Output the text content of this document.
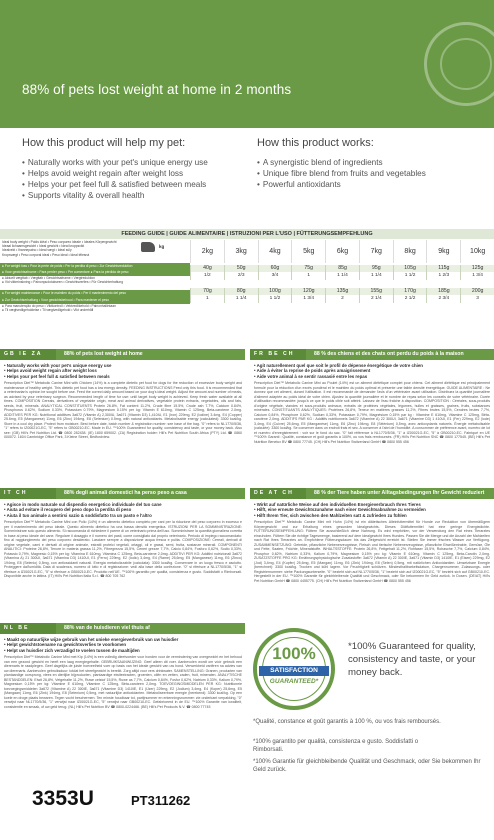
88% of pets lost weight at home in 2 months
How this product will help my pet:
• Naturally works with your pet's unique energy use
• Helps avoid weight regain after weight loss
• Helps your pet feel full & satisfied between meals
• Supports vitality & overall health
How this product works:
• A synergistic blend of ingredients
• Unique fibre blend from fruits and vegetables
• Powerful antioxidants
FEEDING GUIDE | GUIDE ALIMENTAIRE | ISTRUZIONI PER L'USO | FÜTTERUNGSEMPFEHLUNG
Ideal body weight • Poids idéal • Peso corporeo ideale • Ideales Körpergewicht
Ideaal lichaamsgewicht • Ideal gewicht • Ideal kroppsvikt
Idealvekt • Ihannepaino • Ideal vægt • Ideal súly
Kropsvægt • Peso corporal ideal • Peso ideal • Ideal tělesná
kg
● For weight loss • Pour la perte de poids • Per la perdita di peso • Zur Gewichtsreduktion
● Voor gewichtsafname • Para perder peso • Per aumentare ● Para la pérdida de peso
● Aktuelt vægttab • Vægttab • Gewichtsafname • Vægtreduktion
● Vid viktminskning • Painonpudotukseen • Gewichtsverlies • Für Gewichterhaltung
● For weight maintenance • Pour le maintien du poids • Per il mantenimento del peso
● Zur Gewichtserhaltung • Voor gewichtsbehoud • Para mantener el peso
● Para manutenção do peso • Viktkontroll • Vektvedlikehold • Painonhallintaan
● Til vægtvedligeholdelse • Til vægtvedligehold • Vikt underhåll
2kg	3kg	4kg	5kg	6kg	7kg	8kg	9kg	10kg
40g	50g	60g	75g	85g	95g	105g	115g	125g
1/2	2/3	3/4	1	1 1/4	1 1/4	1 1/2	1 2/3	1 3/4
70g	80g	100g	120g	135g	155g	170g	185g	200g
1	1 1/4	1 1/2	1 3/4	2	2 1/4	2 1/2	2 3/4	3
GB IE ZA	88% of pets lost weight at home
• Naturally works with your pet's unique energy use
• Helps avoid weight regain after weight loss
• Helps your pet feel full & satisfied between meals
Prescription Diet™ Metabolic Canine Mini with Chicken (14%) is a complete dietetic pet food for dogs for the reduction of excessive body weight and maintenance of healthy weight. This dietetic pet food has a low energy density. FEEDING INSTRUCTIONS Feed only this food. It is recommended that a veterinarian's opinion be sought before use. Feed the correct daily amount based on your dog's ideal weight. Adjust the amount and number of meals, as advised by your veterinary surgeon. Recommended length of time for use: until target body weight is achieved. Keep fresh water available at all times. COMPOSITION Cereals, derivatives of vegetable origin, meat and animal derivatives, vegetable protein extracts, vegetables, oils and fats, seeds, fruit, minerals. ANALYTICAL CONSTITUENTS Protein 26.8%, Fat content 11.2%, Crude fibre 15.5%, Crude ash 7.7%, Calcium 0.84%, Phosphorus 0.62%, Sodium 0.33%, Potassium 0.79%, Magnesium 0.15% per kg: Vitamin E 610mg, Vitamin C 125mg, Beta-carotene 2.0mg. ADDITIVES PER KG: Nutritional additives 3a672 (Vitamin A) 2,300IU, 3a671 (Vitamin D3) 1,410IU, E1 (Iron) 229mg, E2 (Iodine) 3.4mg, E4 (Copper) 25.6mg, E5 (Manganese) 11mg, E6 (Zinc) 194mg, E8 (Selenium) 0.5mg, with natural antioxidants. Metabolisable energy (calculated): 3300 kcal/kg. Store in a cool dry place. Protect from moisture. Best before date, batch number & registration number: see base of the bag. "0" refers to NL1770/5/36, "1" refers to IZ00021G-EC, "5" refers to GB00210-EC. Made in EU. ™100% Guaranteed for quality, consistency and taste, or your money back. Also see: (GB) Hill's Pet Nutrition Ltd. ☎ 0800 282438. (IE) 1800 659002. (ZA) Registration holder: Hill's Pet Nutrition South Africa (PTY) Ltd. ☎ 0860 000072. 1604 Cambridge Office Park, 3 Kleine Street, Bedfordview.
FR BE CH	88 % des chiens et des chats ont perdu du poids à la maison
• Agit naturellement quel que soit le profil de dépense énergétique de votre chien
• Aide à éviter la reprise de poids après amaigrissement
• Aide votre animal à se sentir rassasié entre les repas
Prescription Diet™ Metabolic Canine Mini au Poulet (14%) est un aliment diététique complet pour chiens. Cet aliment diététique est principalement formulé pour la réduction d'un excès pondéral et le maintien du poids optimal et présente une faible densité énergétique. GUIDE ALIMENTAIRE : Ne donnez que cet aliment, durant l'utilisation. Il est recommandé de demander l'avis d'un vétérinaire avant utilisation. Distribuez la quantité journalière d'aliment adaptée au poids idéal de votre chien. Ajustez la quantité journalière et le nombre de repas selon les conseils de votre vétérinaire. Durée d'utilisation recommandée: jusqu'à ce que le poids cible soit atteint. Laissez de l'eau fraîche à disposition. COMPOSITION : Céréales, sous-produits d'origine végétale, viandes et sous-produits animaux, extraits de protéines végétales, légumes, huiles et graisses, graines, fruits, substances minérales. CONSTITUANTS ANALYTIQUES: Protéines 26,8%, Teneur en matières grasses 11,2%, Fibres brutes 15,5%, Cendres brutes 7,7%, Calcium 0,84%, Phosphore 0,62%, Sodium 0,33%, Potassium 0,79%, Magnésium 0,15% par kg : Vitamine E 610mg, Vitamine C 125mg, Bêta-carotène 2,0mg. ADDITIFS PAR KG : Additifs nutritionnels 3a672 (Vitamine A) 22 300UI, 3a671 (Vitamine D3) 1 410UI, E1 (Fer) 229mg, E2 (Iode) 3,4mg, E4 (Cuivre) 25,6mg, E5 (Manganèse) 11mg, E6 (Zinc) 194mg, E8 (Sélénium) 0,5mg, avec antioxydants naturels. Énergie métabolisable (calculée): 3300 kcal/kg. Se conserver dans un endroit frais et sec. A conserver à l'abri de l'humidité. A consommer de préférence avant, numéro de lot et numéro d'enregistrement : voir sur le fond du sac. "0" fait référence à NL1770/5/36, "1" à IZ00021G-EC, "5" à GB00210-EC. Fabriqué en UE ™100% Garanti : Qualité, constance et goût garantis à 100%, ou vos frais remboursés. (FR) Hill's Pet Nutrition SNC ☎ 0800 177545. (BE) Hill's Pet Nutrition Benelux BV ☎ 0800 77745. (CH) Hill's Pet Nutrition Switzerland GmbH ☎ 0800 555 456
IT CH	88% degli animali domestici ha perso peso a casa
• Agisce in modo naturale sul dispendio energetico individuale del tuo cane
• Aiuta ad evitare il recupero del peso dopo la perdita di peso
• Aiuta il tuo animale a sentirsi sazio & soddisfatto tra un pasto e l'altro
Prescription Diet™ Metabolic Canine Mini con Pollo (14%) è un alimento dietetico completo per cani per la riduzione del peso corporeo in eccesso e per il mantenimento del peso ideale. Questo alimento dietetico ha una bassa densità energetica. ISTRUZIONI PER LA SOMMINISTRAZIONE: Somministrare solo questo alimento. Si raccomanda di richiedere il parere di un veterinario prima dell'uso. Somministrare la quantità giornaliera corretta in base al peso ideale del cane. Regolare il dosaggio e il numero dei pasti, come consigliato dal proprio veterinario. Periodo di impiego raccomandato: fino al raggiungimento del peso corporeo desiderato. Lasciare sempre a disposizione acqua fresca e pulita. COMPOSIZIONE: Cereali, derivati di origine vegetale, carni e derivati di origine animale, estratti proteici vegetali, ortaggi, oli e grassi, semi, frutta, sostanze minerali. COMPONENTI ANALITICI: Proteine 26,8%, Tenore in materia grassa 11,2%, Fibregrezza 15,5%, Ceneri grezze 7,7%, Calcio 0,84%, Fosforo 0,62%, Sodio 0,33%, Potassio 0,79%, Magnesio 0,15% per kg: Vitamina E 610mg, Vitamina C 125mg, Beta-carotene 2,0mg. ADDITIVI PER KG: Additivi nutrizionali 3a672 (Vitamina A) 21 300UI, 3a671 (Vitamina D3) 1410UI, E1 (Ferro) 229mg, E2 (Iodio) 3,4mg, E4 (Rame) 25,6mg, E5 (Manganese) 11mg, E6 (Zinco) 194mg, E8 (Selenio) 0,5mg, con antiossidanti naturali. Energia metabolizzabile (calcolata): 3300 kcal/kg. Conservare in un luogo fresco e asciutto. Proteggere dall'umidità. Data di scadenza, numero di lotto e di registrazione: vedi alla base della confezione. "0" si riferisce a NL1770/5/36, "1" si riferisce a IZ00021G-EC, "5" si riferisce a GB00210-EC. Prodotto nell'UE. ™100% garantito per qualità, consistenza e gusto. Soddisfatti o Rimborsati. Disponibile anche in lattina. (IT) Hill's Pet Nutrition Italia S.r.l. ☎ 800 705 762
DE AT CH	88 % der Tiere haben unter Alltagsbedingungen Ihr Gewicht reduziert
• Wirkt auf natürliche Weise auf den individuellen Energieverbrauch Ihres Tieres
• Hilft, eine erneute Gewichtszunahme nach einer Gewichtsabnahme zu vermeiden
• Hilft Ihrem Tier, sich zwischen den Mahlzeiten satt & zufrieden zu fühlen
Prescription Diet™ Metabolic Canine Mini mit Huhn (14%) ist ein diätetisches Alleinfuttermittel für Hunde zur Reduktion von übermäßigem Körpergewicht und zur Erhaltung eines gesunden Idealgewichts. Dieses Diätfuttermittel hat eine geringe Energiedichte. FÜTTERUNGSEMPFEHLUNG: Füttern Sie ausschließlich diese Nahrung. Es wird empfohlen, vor der Verwendung den Rat eines Tierarztes einzuholen. Füttern Sie die richtige Tagesmenge, basierend auf dem Idealgewicht Ihres Hundes. Passen Sie die Menge und die Anzahl der Mahlzeiten nach Rat Ihres Tierarztes an. Empfohlene Fütterungsdauer: bis das Zielgewicht erreicht ist. Stellen Sie immer frisches Wasser zur Verfügung. ZUSAMMENSETZUNG: Getreide, pflanzliche Nebenerzeugnisse, Fleisch und tierische Nebenerzeugnisse, pflanzliche Eiweißextrakte, Gemüse, Öle und Fette, Saaten, Früchte, Mineralstoffe. INHALTSSTOFFE: Protein 26,8%, Fettgehalt 11,2%, Rohfaser 15,5%, Rohasche 7,7%, Calcium 0,84%, Phosphor 0,62%, Natrium 0,33%, Kalium 0,79%, Magnesium 0,15% pro kg: Vitamin E 610mg, Vitamin C 125mg, Beta-Carotin 2,0mg. ZUSATZSTOFFE PRO KG: Ernährungsphysiologische Zusatzstoffe: 3a672 (Vitamin A) 22 300IE, 3a671 (Vitamin D3) 1410IE, E1 (Eisen) 229mg, E2 (Jod) 3,4mg, E4 (Kupfer) 25,6mg, E5 (Mangan) 11mg, E6 (Zink) 194mg, E8 (Selen) 0,5mg, mit natürlichen Antioxidantien. Umsetzbare Energie (berechnet): 3300 kcal/kg. Trocken und kühl lagern. Vor Feuchtigkeit schützen. Mindesthaltbarkeitsdatum, Chargennummer, Zulassungs- oder Registriernummer: siehe Packungsunterseite. "0" bezieht sich auf NL1770/5/36, "1" bezieht sich auf IZ00021G-EC, "5" bezieht sich auf GB00210-EC. Hergestellt in der EU. ™100% Garantie für gleichbleibende Qualität und Geschmack, oder Sie bekommen Ihr Geld zurück. In Dosen. (DE/AT) Hill's Pet Nutrition GmbH ☎ 0800 4455775. (CH) Hill's Pet Nutrition Switzerland GmbH ☎ 0800 555 456
NL BE	88% van de huisdieren viel thuis af
• Maakt op natuurlijke wijze gebruik van het unieke energieverbruik van uw huisdier
• Helpt gewichtstoename na gewichtsverlies te voorkomen
• Helpt uw huisdier zich verzadigd te voelen tussen de maaltijden
Prescription Diet™ Metabolic Canine Mini met Kip (14%) is een volledig dieetvoeder voor honden voor de vermindering van overgewicht en het behoud van een gezond gewicht en heeft een laag energiegehalte. GEBRUIKSAANWIJZING: Geef alleen dit voer. Aanbevolen wordt om vóór gebruik een dierenarts te raadplegen. Geef dagelijks de juiste hoeveelheid voer op basis van het ideale gewicht van uw hond. Verwerkbeid variëren na advies van uw dierenarts. Aanbevolen gebruiksduur: totdat het streefgewicht is bereikt. Zorg altijd voor vers drinkwater. SAMENSTELLING: Granen, producten van plantaardige oorsprong, vlees en dierlijke bijproducten, plantaardige eiwitextracten, groenten, oliën en vetten, zaden, fruit, mineralen. ANALYTISCHE BESTANDDELEN: Eiwit 26,8%, Vetgehalte 11,2%, Ruwe celstof 15,5%, Ruwe as 7,7%, Calcium 0,84%, Fosfor 0,62%, Natrium 0,33%, Kalium 0,79%, Magnesium 0,15% per kg: Vitamine E 610mg, Vitamine C 125mg, Bèta-caroteen 2,0mg. TOEVOEGINGSMIDDELEN PER KG: Nutritionele toevoegingsmiddelen 3a672 (Vitamine A) 22 300IE, 3a671 (Vitamine D3) 1410IE, E1 (IJzer) 229mg, E2 (Jodium) 3,4mg, E4 (Koper) 25,6mg, E5 (Mangaan) 11mg, E6 (Zink) 194mg, E8 (Selenium) 0,5mg, met natuurlijke antioxidanten. Metaboliseerbare energie (berekend): 3300 kcal/kg. Op een koele en droge plaats bewaren. Tegen vocht beschermen. Ten minste houdbaar tot, partijnummer en erkenningsnummer: zie onderkant verpakking. "0" verwijst naar NL1770/5/36, "1" verwijst naar IZ00021G-EC, "5" verwijst naar GB00210-EC. Gefabriceerd in de EU. ™100% Garantie van kwaliteit, consistentie en smaak, of uw geld terug. (NL) Hill's Pet Nutrition BV ☎ 0800-0224466. (BE) Hill's Pet Products N.V. ☎ 0800 77745
100%
SATISFACTION
GUARANTEED*
*100% Guaranteed for quality, consistency and taste, or your money back.
*Qualité, constance et goût garantis à 100 %, ou vos frais remboursés.
*100% garantito per qualità, consistenza e gusto. Soddisfatti o Rimborsati.
*100% Garantie für gleichbleibende Qualität und Geschmack, oder Sie bekommen Ihr Geld zurück.
3353U	PT311262
